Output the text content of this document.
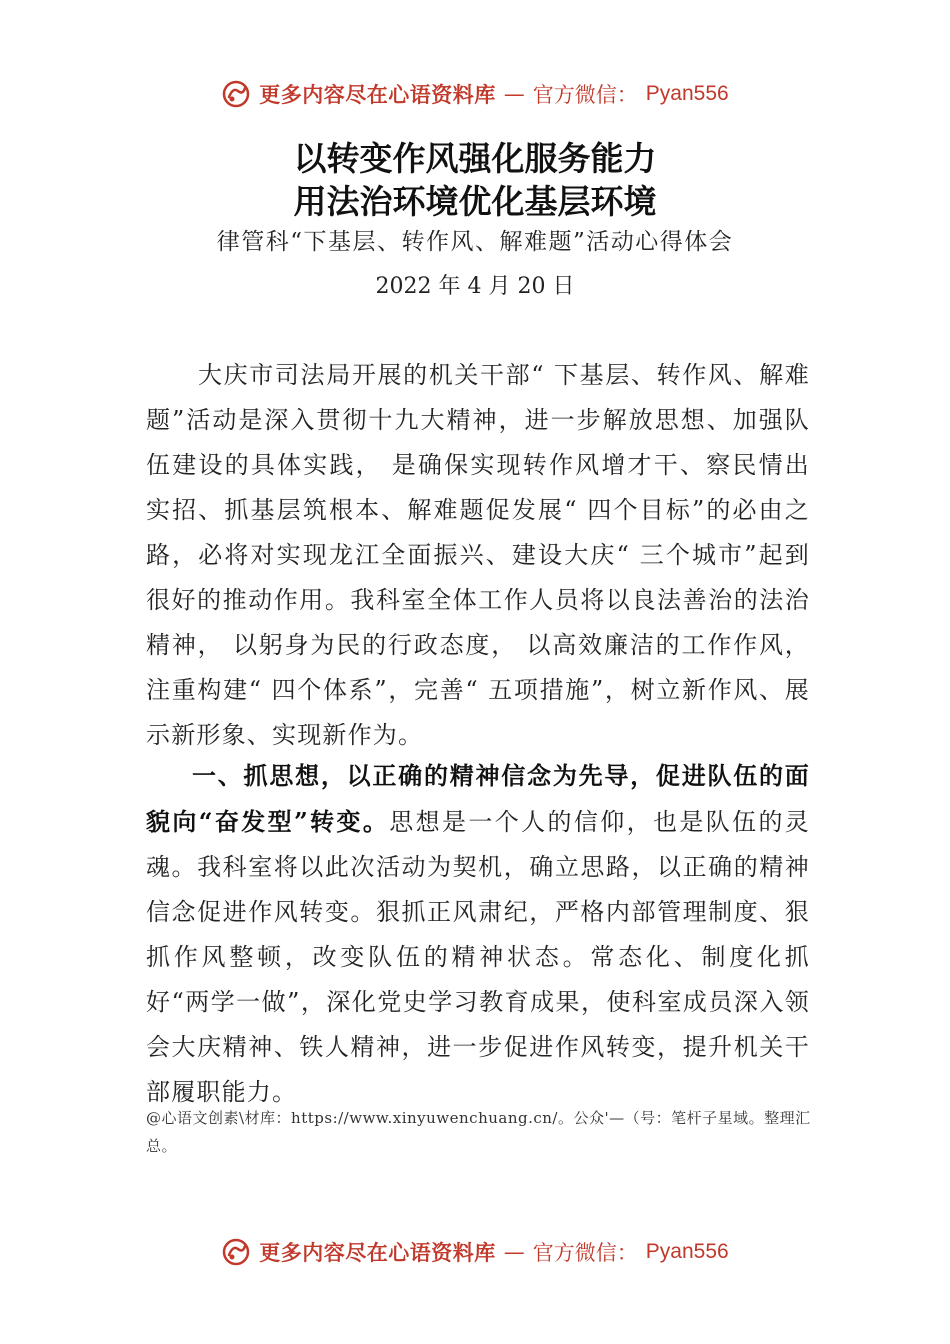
更多内容尽在心语资料库 — 官方微信： Pyan556
以转变作风强化服务能力
用法治环境优化基层环境
律管科“下基层、转作风、解难题”活动心得体会
2022 年 4 月 20 日

大庆市司法局开展的机关干部“ 下基层、转作风、解难题”活动是深入贯彻十九大精神，进一步解放思想、加强队伍建设的具体实践， 是确保实现转作风增才干、察民情出实招、抓基层筑根本、解难题促发展“ 四个目标”的必由之路，必将对实现龙江全面振兴、建设大庆“ 三个城市”起到很好的推动作用。我科室全体工作人员将以良法善治的法治精神， 以躬身为民的行政态度， 以高效廉洁的工作作风，注重构建“ 四个体系”，完善“ 五项措施”，树立新作风、展示新形象、实现新作为。

一、抓思想，以正确的精神信念为先导，促进队伍的面貌向“奋发型”转变。思想是一个人的信仰，也是队伍的灵魂。我科室将以此次活动为契机，确立思路，以正确的精神信念促进作风转变。狠抓正风肃纪，严格内部管理制度、狠抓作风整顿，改变队伍的精神状态。常态化、制度化抓好“两学一做”，深化党史学习教育成果，使科室成员深入领会大庆精神、铁人精神，进一步促进作风转变，提升机关干部履职能力。

@心语文创素\材库：https://www.xinyuwenchuang.cn/。公众'—（号：笔杆子星域。整理汇总。

更多内容尽在心语资料库 — 官方微信： Pyan556
